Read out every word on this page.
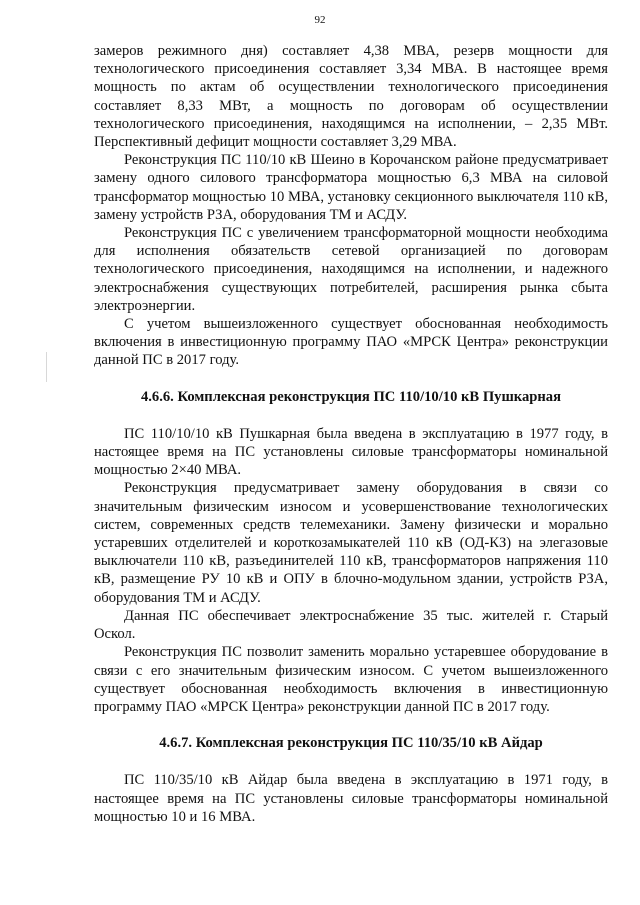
92

замеров режимного дня) составляет 4,38 МВА, резерв мощности для технологического присоединения составляет 3,34 МВА. В настоящее время мощность по актам об осуществлении технологического присоединения составляет 8,33 МВт, а мощность по договорам об осуществлении технологического присоединения, находящимся на исполнении, – 2,35 МВт. Перспективный дефицит мощности составляет 3,29 МВА.

Реконструкция ПС 110/10 кВ Шеино в Корочанском районе предусматривает замену одного силового трансформатора мощностью 6,3 МВА на силовой трансформатор мощностью 10 МВА, установку секционного выключателя 110 кВ, замену устройств РЗА, оборудования ТМ и АСДУ.

Реконструкция ПС с увеличением трансформаторной мощности необходима для исполнения обязательств сетевой организацией по договорам технологического присоединения, находящимся на исполнении, и надежного электроснабжения существующих потребителей, расширения рынка сбыта электроэнергии.

С учетом вышеизложенного существует обоснованная необходимость включения в инвестиционную программу ПАО «МРСК Центра» реконструкции данной ПС в 2017 году.

4.6.6. Комплексная реконструкция ПС 110/10/10 кВ Пушкарная

ПС 110/10/10 кВ Пушкарная была введена в эксплуатацию в 1977 году, в настоящее время на ПС установлены силовые трансформаторы номинальной мощностью 2×40 МВА.

Реконструкция предусматривает замену оборудования в связи со значительным физическим износом и усовершенствование технологических систем, современных средств телемеханики. Замену физически и морально устаревших отделителей и короткозамыкателей 110 кВ (ОД-КЗ) на элегазовые выключатели 110 кВ, разъединителей 110 кВ, трансформаторов напряжения 110 кВ, размещение РУ 10 кВ и ОПУ в блочно-модульном здании, устройств РЗА, оборудования ТМ и АСДУ.

Данная ПС обеспечивает электроснабжение 35 тыс. жителей г. Старый Оскол.

Реконструкция ПС позволит заменить морально устаревшее оборудование в связи с его значительным физическим износом. С учетом вышеизложенного существует обоснованная необходимость включения в инвестиционную программу ПАО «МРСК Центра» реконструкции данной ПС в 2017 году.

4.6.7. Комплексная реконструкция ПС 110/35/10 кВ Айдар

ПС 110/35/10 кВ Айдар была введена в эксплуатацию в 1971 году, в настоящее время на ПС установлены силовые трансформаторы номинальной мощностью 10 и 16 МВА.
